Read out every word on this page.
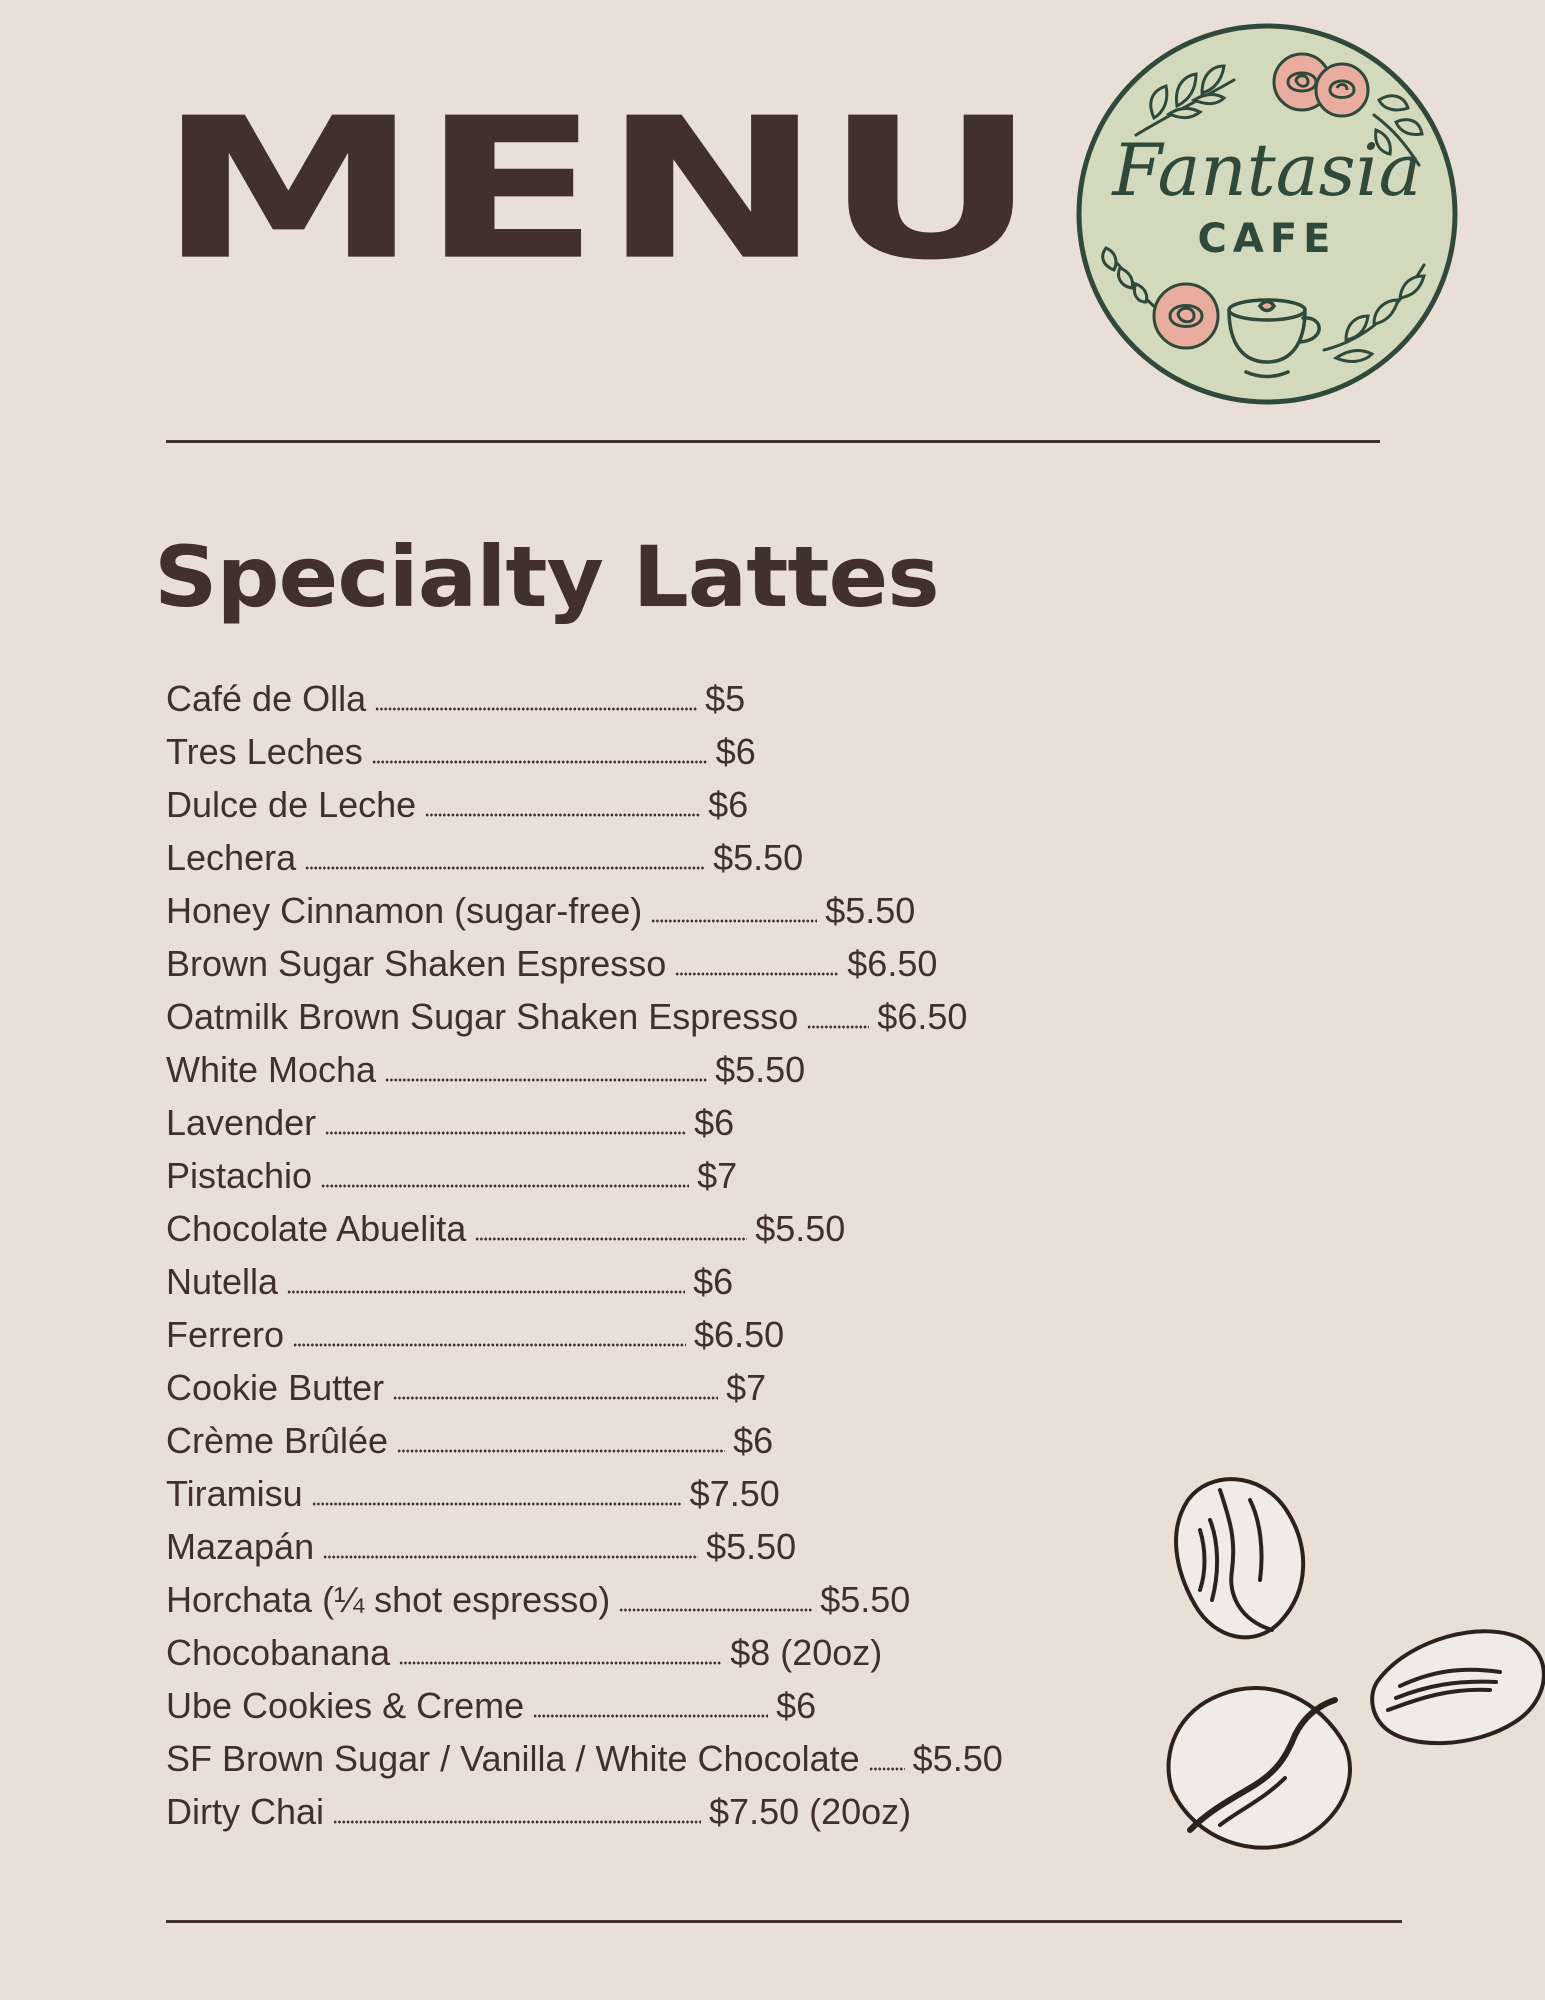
MENU Fantasia
CAFE
Specialty Lattes
Café de Olla	$5
Tres Leches	$6
Dulce de Leche	$6
Lechera	$5.50
Honey Cinnamon (sugar-free)	$5.50
Brown Sugar Shaken Espresso	$6.50
Oatmilk Brown Sugar Shaken Espresso $6.50
White Mocha	$5.50
Lavender	$6
Pistachio	$7
Chocolate Abuelita	$5.50
Nutella	$6
Ferrero	$6.50
Cookie Butter	$7
Crème Brûlée	$6
Tiramisu	$7.50
Mazapán	$5.50
Horchata (¼ shot espresso)	$5.50
Chocobanana	$8 (20oz)
Ube Cookies & Creme	$6
SF Brown Sugar / Vanilla / White Chocolate $5.50
Dirty Chai	$7.50 (20oz)
